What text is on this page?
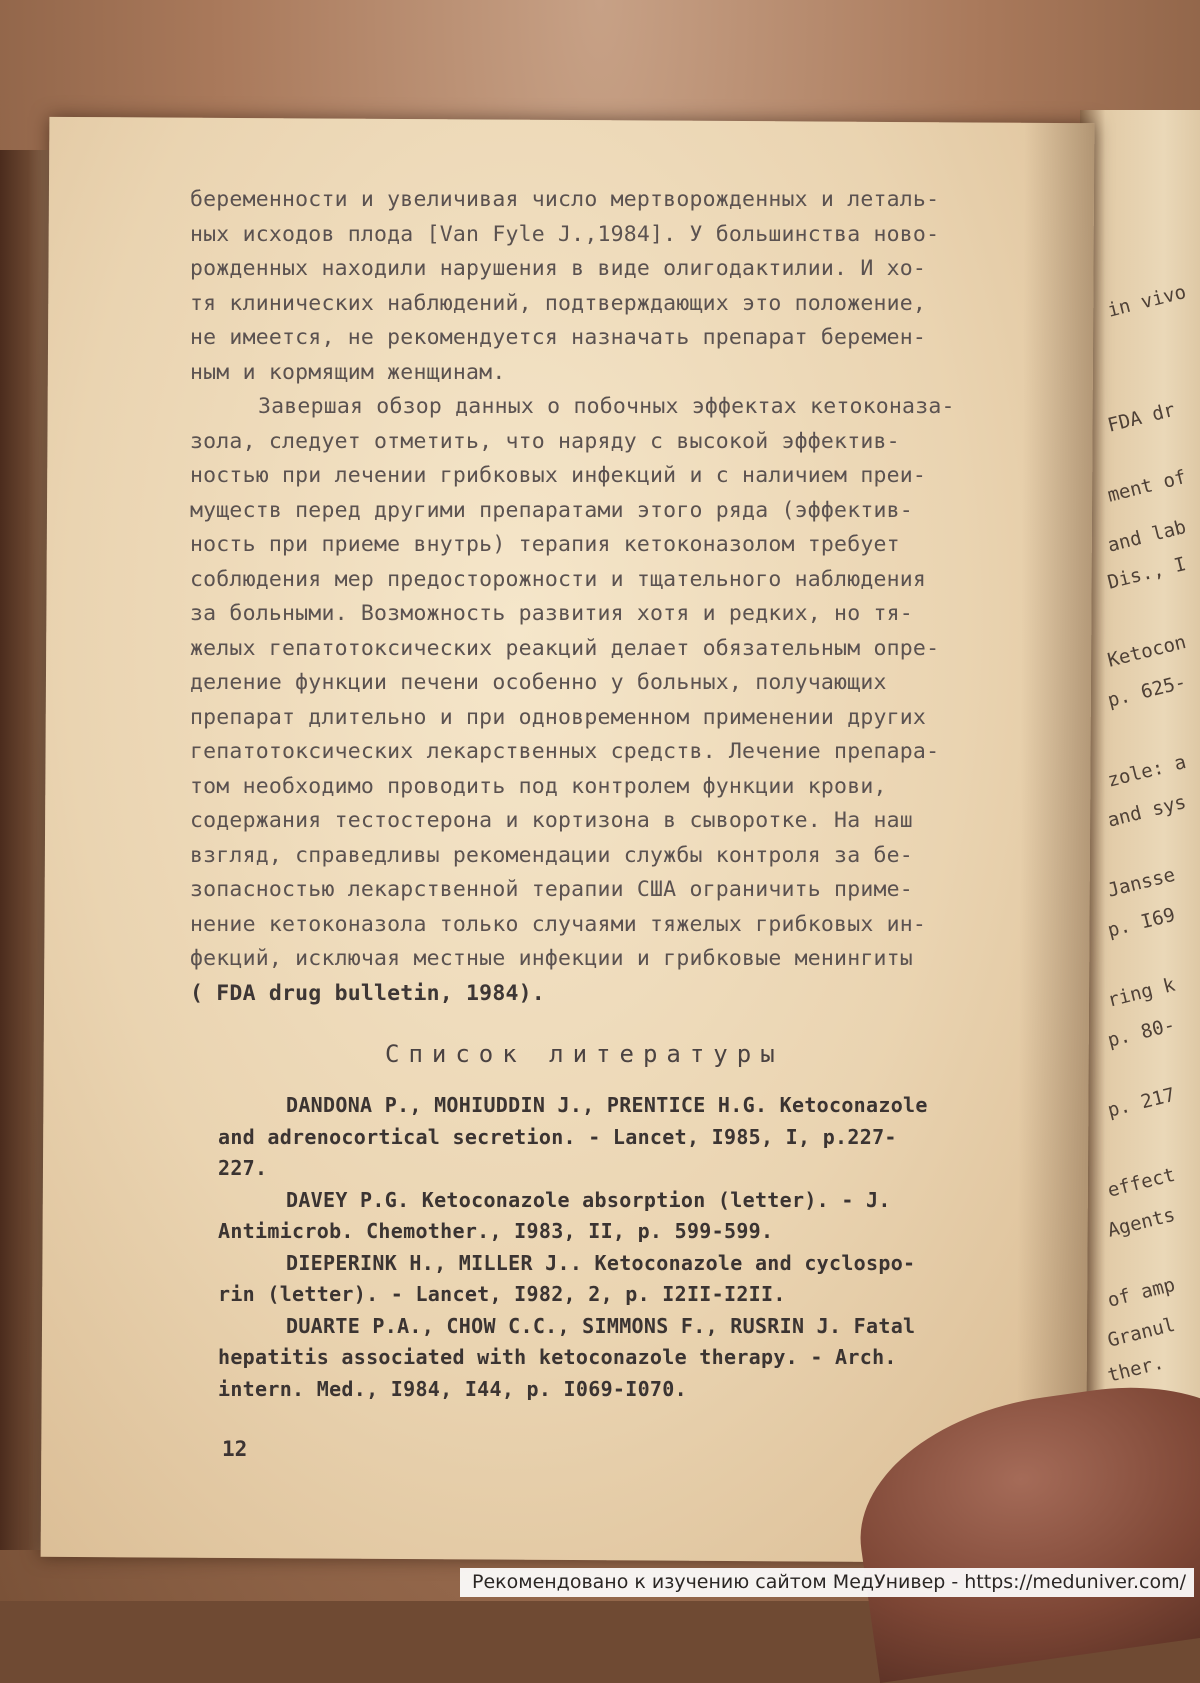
in vivo
FDA dr
ment of
and lab
Dis., I
Ketocon
p. 625-
zole: a
and sys
Jansse
p. I69
ring k
p. 80-
p. 217
effect
Agents
of amp
Granul
ther.
беременности и увеличивая число мертворожденных и леталь-
ных исходов плода [Van Fyle J.,1984]. У большинства ново-
рожденных находили нарушения в виде олигодактилии. И хо-
тя клинических наблюдений, подтверждающих это положение,
не имеется, не рекомендуется назначать препарат беремен-
ным и кормящим женщинам.
Завершая обзор данных о побочных эффектах кетоконаза-
зола, следует отметить, что наряду с высокой эффектив-
ностью при лечении грибковых инфекций и с наличием преи-
муществ перед другими препаратами этого ряда (эффектив-
ность при приеме внутрь) терапия кетоконазолом требует
соблюдения мер предосторожности и тщательного наблюдения
за больными. Возможность развития хотя и редких, но тя-
желых гепатотоксических реакций делает обязательным опре-
деление функции печени особенно у больных, получающих
препарат длительно и при одновременном применении других
гепатотоксических лекарственных средств. Лечение препара-
том необходимо проводить под контролем функции крови,
содержания тестостерона и кортизона в сыворотке. На наш
взгляд, справедливы рекомендации службы контроля за бе-
зопасностью лекарственной терапии США ограничить приме-
нение кетоконазола только случаями тяжелых грибковых ин-
фекций, исключая местные инфекции и грибковые менингиты
( FDA drug bulletin, 1984).
Список литературы
DANDONA P., MOHIUDDIN J., PRENTICE H.G. Ketoconazole
and adrenocortical secretion. - Lancet, I985, I, p.227-
227.
DAVEY P.G. Ketoconazole absorption (letter). - J.
Antimicrob. Chemother., I983, II, p. 599-599.
DIEPERINK H., MILLER J.. Ketoconazole and cyclospo-
rin (letter). - Lancet, I982, 2, p. I2II-I2II.
DUARTE P.A., CHOW C.C., SIMMONS F., RUSRIN J. Fatal
hepatitis associated with ketoconazole therapy. - Arch.
intern. Med., I984, I44, p. I069-I070.
12
Рекомендовано к изучению сайтом МедУнивер - https://meduniver.com/
